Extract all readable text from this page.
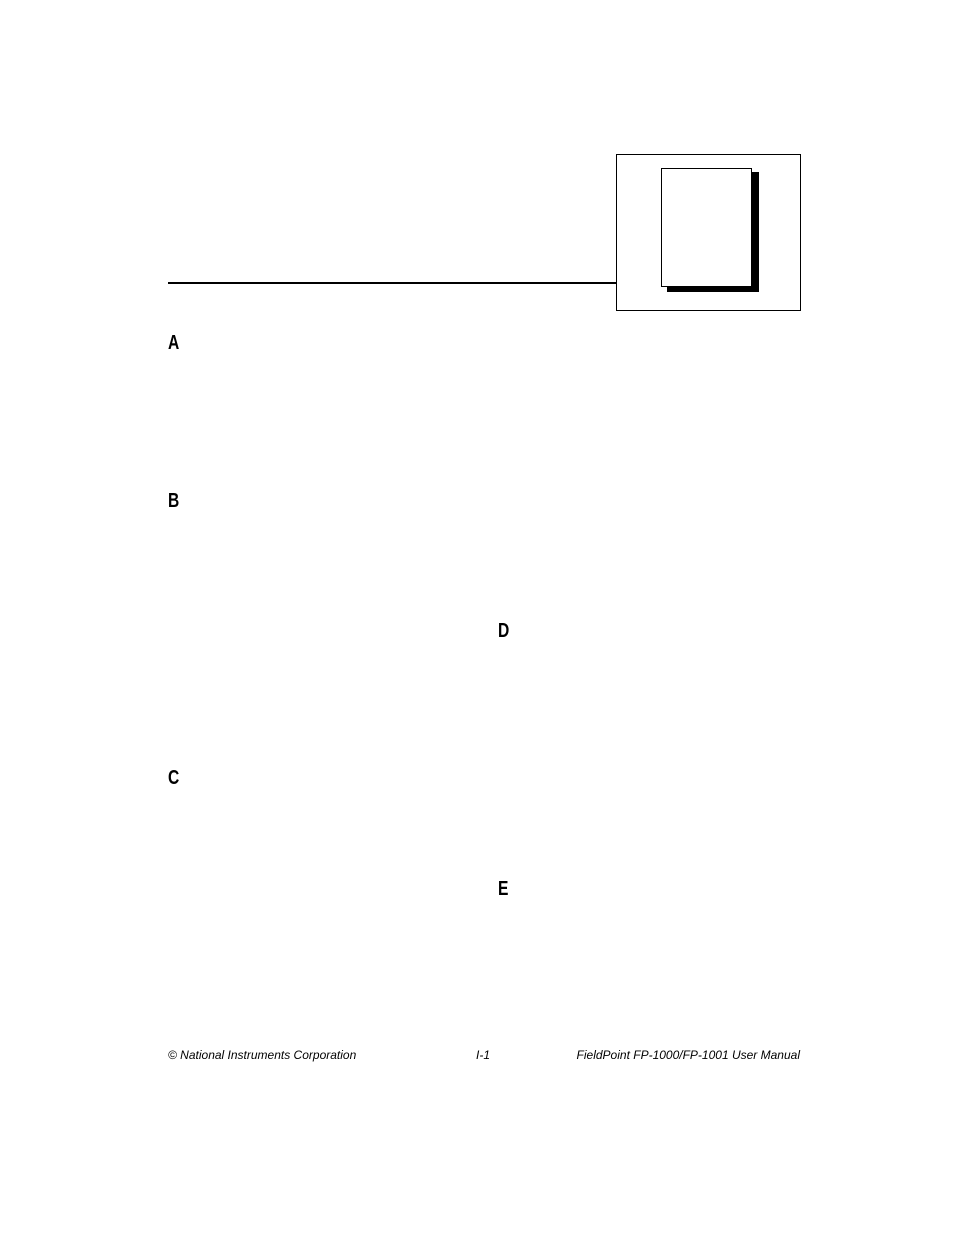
A
B
C
D
E
© National Instruments Corporation	I-1	FieldPoint FP-1000/FP-1001 User Manual
